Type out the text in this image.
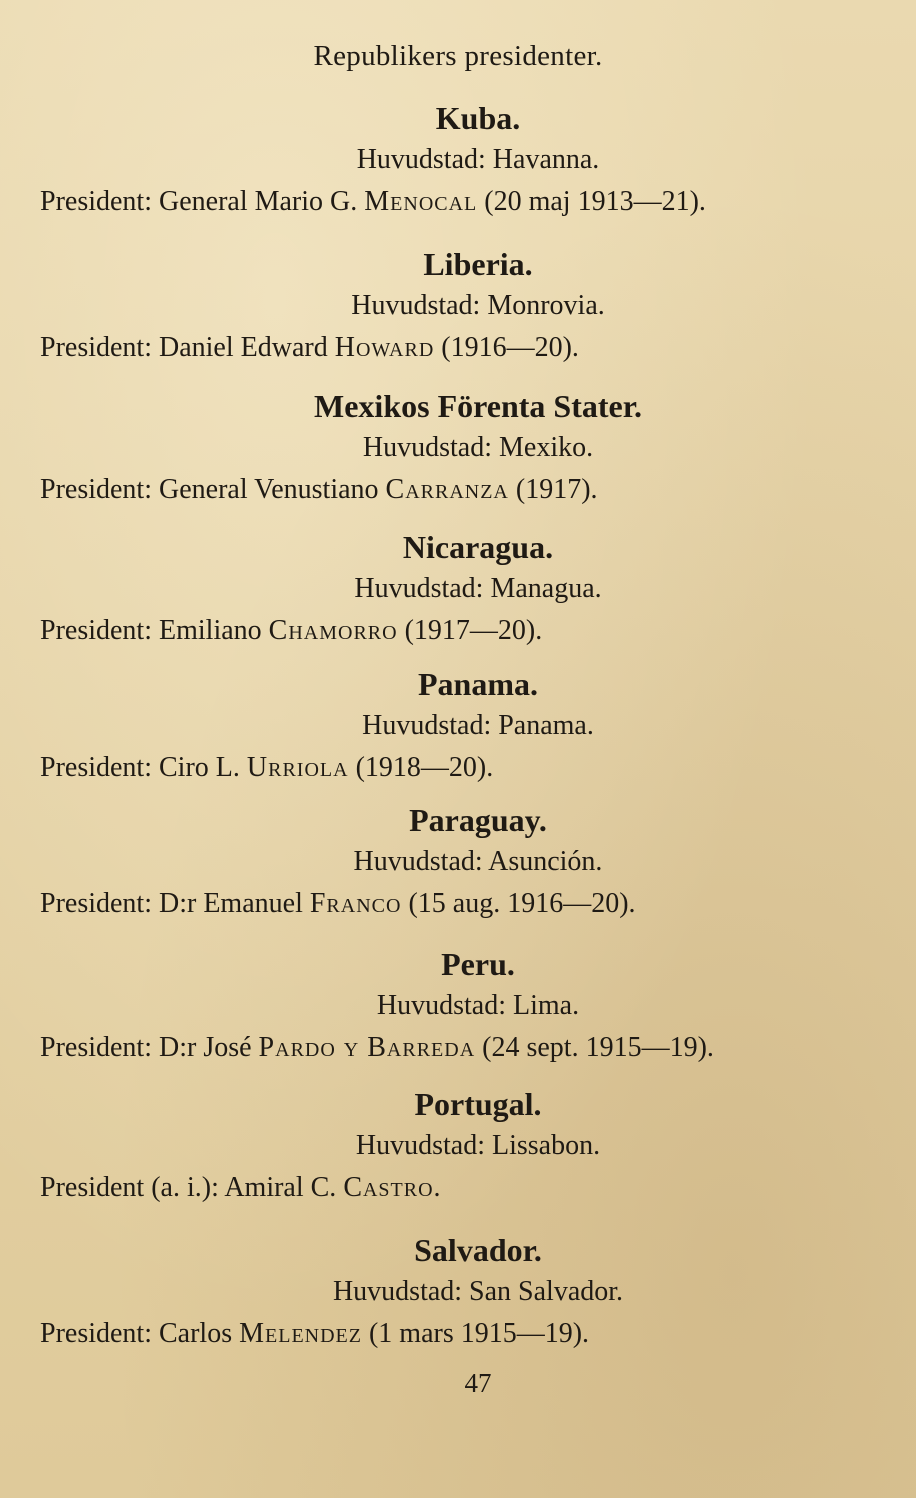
Republikers presidenter.
Kuba.
Huvudstad: Havanna.
President: General Mario G. Menocal (20 maj 1913—21).
Liberia.
Huvudstad: Monrovia.
President: Daniel Edward Howard (1916—20).
Mexikos Förenta Stater.
Huvudstad: Mexiko.
President: General Venustiano Carranza (1917).
Nicaragua.
Huvudstad: Managua.
President: Emiliano Chamorro (1917—20).
Panama.
Huvudstad: Panama.
President: Ciro L. Urriola (1918—20).
Paraguay.
Huvudstad: Asunción.
President: D:r Emanuel Franco (15 aug. 1916—20).
Peru.
Huvudstad: Lima.
President: D:r José Pardo y Barreda (24 sept. 1915—19).
Portugal.
Huvudstad: Lissabon.
President (a. i.): Amiral C. Castro.
Salvador.
Huvudstad: San Salvador.
President: Carlos Melendez (1 mars 1915—19).
47
